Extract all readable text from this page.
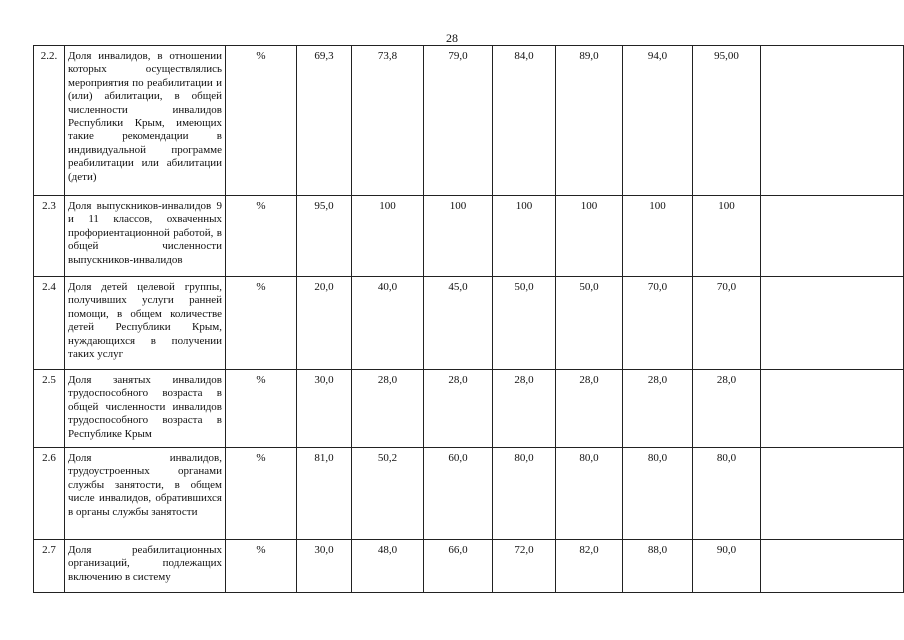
28
2.2.	Доля инвалидов, в отношении которых осуществлялись мероприятия по реабилитации и (или) абилитации, в общей численности инвалидов Республики Крым, имеющих такие рекомендации в индивидуальной программе реабилитации или абилитации (дети)	%	69,3	73,8	79,0	84,0	89,0	94,0	95,00	
2.3	Доля выпускников-инвалидов 9 и 11 классов, охваченных профориентационной работой, в общей численности выпускников-инвалидов	%	95,0	100	100	100	100	100	100	
2.4	Доля детей целевой группы, получивших услуги ранней помощи, в общем количестве детей Республики Крым, нуждающихся в получении таких услуг	%	20,0	40,0	45,0	50,0	50,0	70,0	70,0	
2.5	Доля занятых инвалидов трудоспособного возраста в общей численности инвалидов трудоспособного возраста в Республике Крым	%	30,0	28,0	28,0	28,0	28,0	28,0	28,0	
2.6	Доля инвалидов, трудоустроенных органами службы занятости, в общем числе инвалидов, обратившихся в органы службы занятости	%	81,0	50,2	60,0	80,0	80,0	80,0	80,0	
2.7	Доля реабилитационных организаций, подлежащих включению в систему	%	30,0	48,0	66,0	72,0	82,0	88,0	90,0	
